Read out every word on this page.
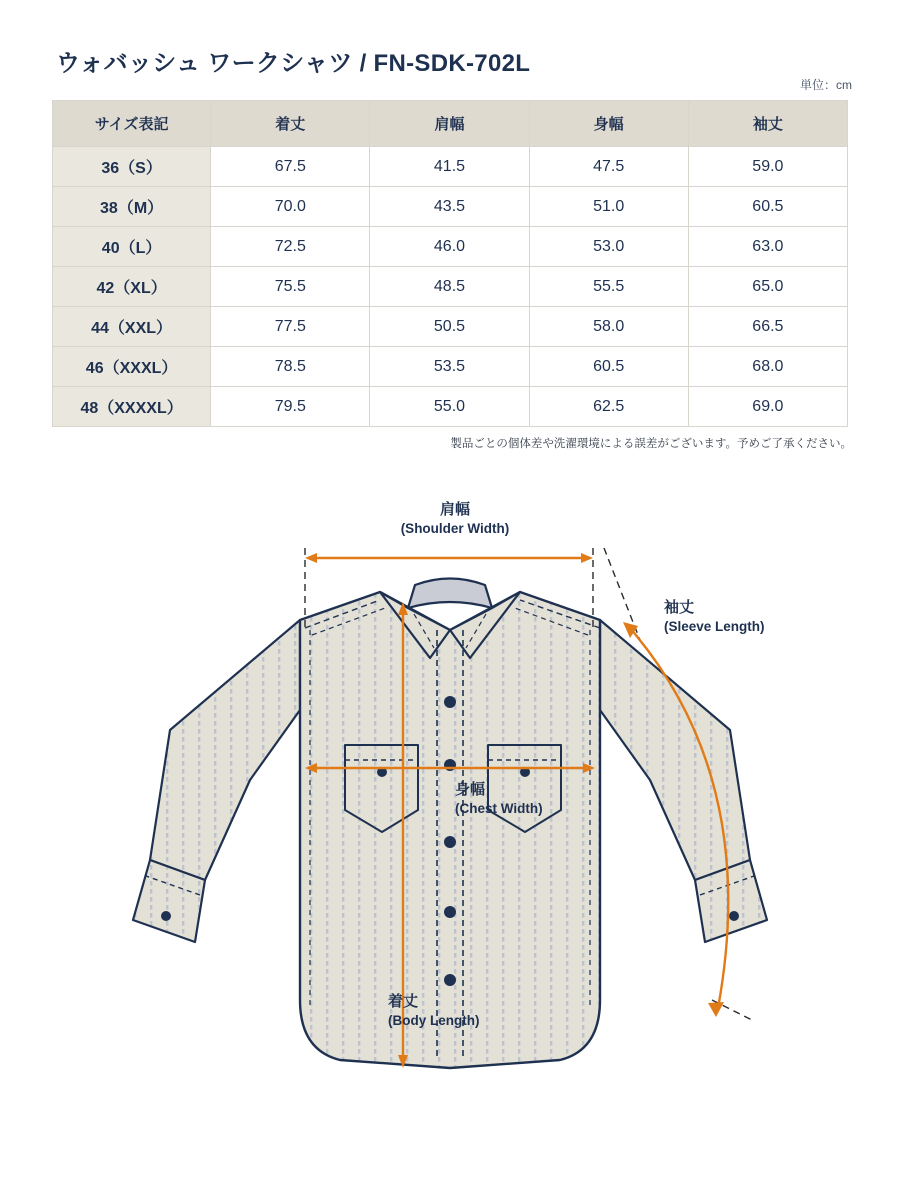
ウォバッシュ ワークシャツ / FN-SDK-702L
単位：cm
サイズ表記	着丈	肩幅	身幅	袖丈
36（S）	67.5	41.5	47.5	59.0
38（M）	70.0	43.5	51.0	60.5
40（L）	72.5	46.0	53.0	63.0
42（XL）	75.5	48.5	55.5	65.0
44（XXL）	77.5	50.5	58.0	66.5
46（XXXL）	78.5	53.5	60.5	68.0
48（XXXXL）	79.5	55.0	62.5	69.0
製品ごとの個体差や洗濯環境による誤差がございます。予めご了承ください。
肩幅
(Shoulder Width)
袖丈
(Sleeve Length)
身幅
(Chest Width)
着丈
(Body Length)
